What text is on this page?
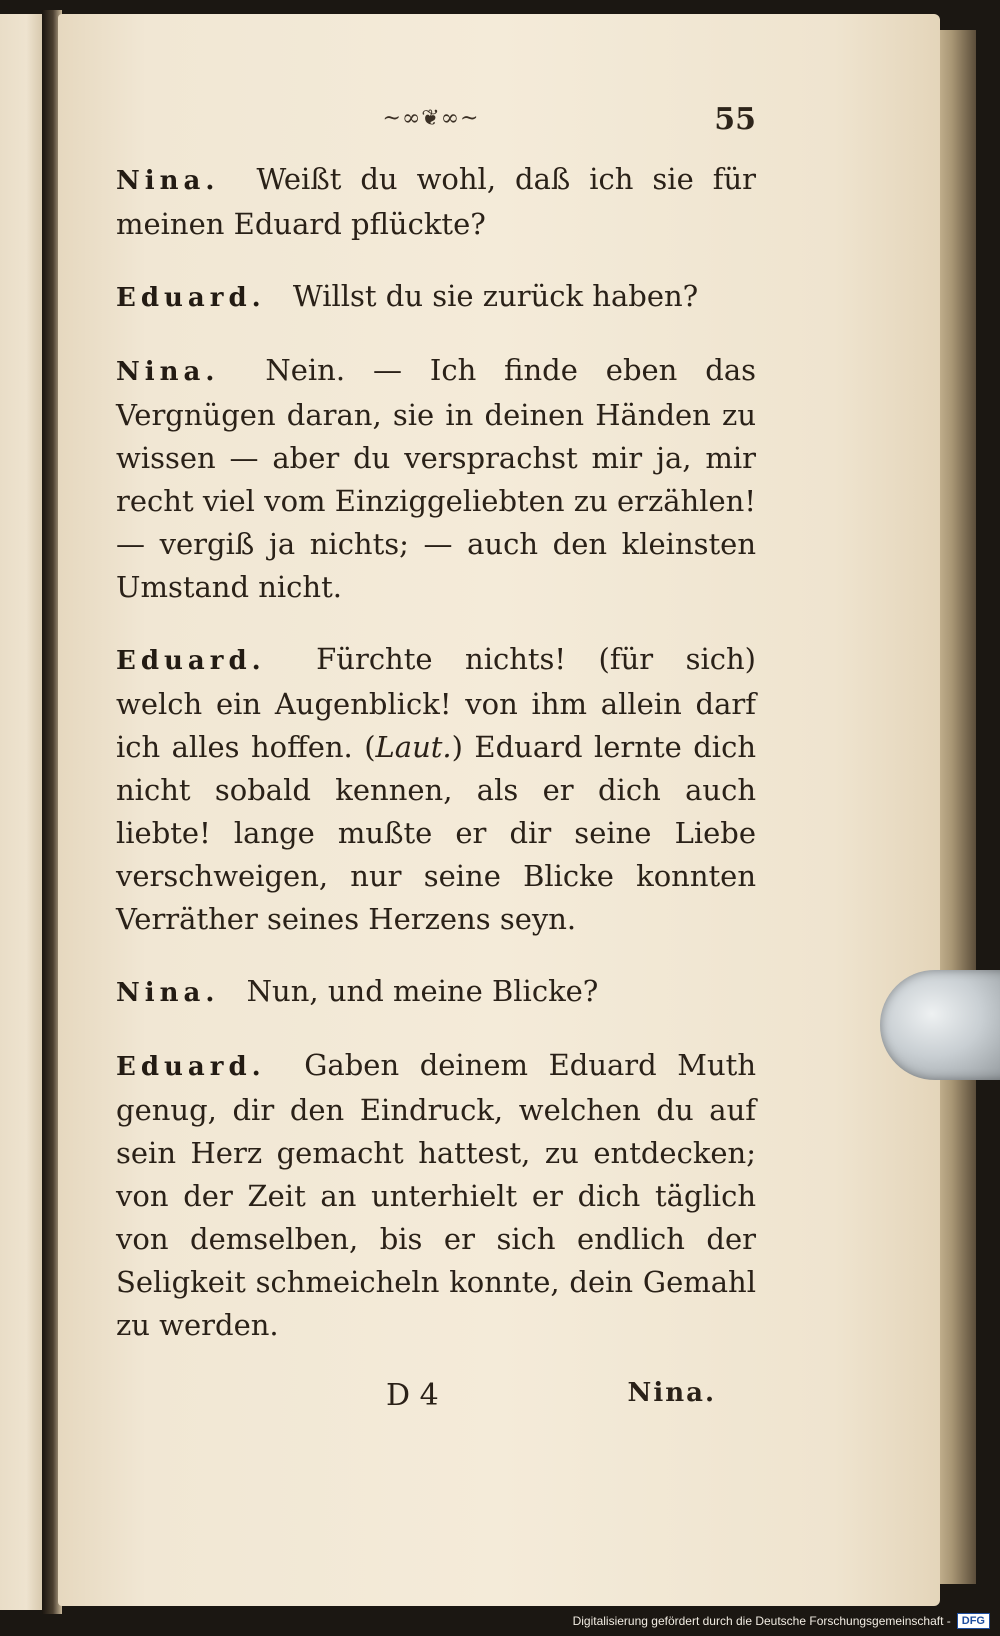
~∞❦∞~	55

Nina. Weißt du wohl, daß ich sie für meinen Eduard pflückte?

Eduard. Willst du sie zurück haben?

Nina. Nein. — Ich finde eben das Vergnügen daran, sie in deinen Händen zu wissen — aber du versprachst mir ja, mir recht viel vom Einziggeliebten zu erzählen! — vergiß ja nichts; — auch den kleinsten Umstand nicht.

Eduard. Fürchte nichts! (für sich) welch ein Augenblick! von ihm allein darf ich alles hoffen. (Laut.) Eduard lernte dich nicht sobald kennen, als er dich auch liebte! lange mußte er dir seine Liebe verschweigen, nur seine Blicke konnten Verräther seines Herzens seyn.

Nina. Nun, und meine Blicke?

Eduard. Gaben deinem Eduard Muth genug, dir den Eindruck, welchen du auf sein Herz gemacht hattest, zu entdecken; von der Zeit an unterhielt er dich täglich von demselben, bis er sich endlich der Seligkeit schmeicheln konnte, dein Gemahl zu werden.

D 4	Nina.
Digitalisierung gefördert durch die Deutsche Forschungsgemeinschaft -	DFG
